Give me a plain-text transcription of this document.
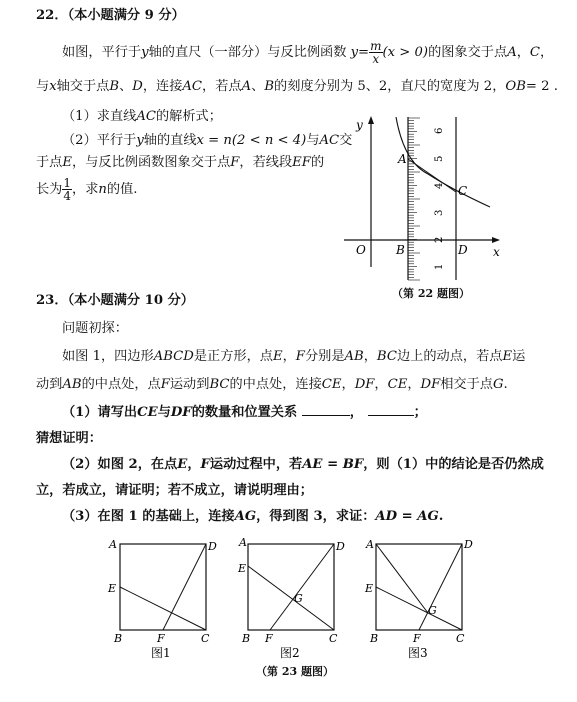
22．（本小题满分 9 分）
如图，平行于y轴的直尺（一部分）与反比例函数 $y= \frac{m}{x} (x > 0)$的图象交于点A，C，
与x轴交于点B、D，连接AC，若点A、B的刻度分别为 5、2，直尺的宽度为 2，OB= 2 .
（1）求直线AC的解析式；
（2）平行于y轴的直线x = n(2 < n < 4)与AC交
于点E，与反比例函数图象交于点F，若线段EF的
长为 $\frac{1}{4}$ ，求n的值.
y
x
O
1
2
3
4
5
6
A
C
B	D
（第 22 题图）
23．（本小题满分 10 分）
问题初探：
如图 1，四边形ABCD是正方形，点E，F分别是AB，BC边上的动点，若点E运
动到AB的中点处，点F运动到BC的中点处，连接CE，DF，CE，DF相交于点G.
（1）请写出CE与DF的数量和位置关系	，	；
猜想证明：
（2）如图 2，在点E，F运动过程中，若AE = BF，则（1）中的结论是否仍然成
立，若成立，请证明；若不成立，请说明理由；
（3）在图 1 的基础上，连接AG，得到图 3，求证：AD = AG.
A	D
E
B	F	C
图1
A	D
E
G
B F	C
图2
A	D
E
G
B	F	C
图3
（第 23 题图）
